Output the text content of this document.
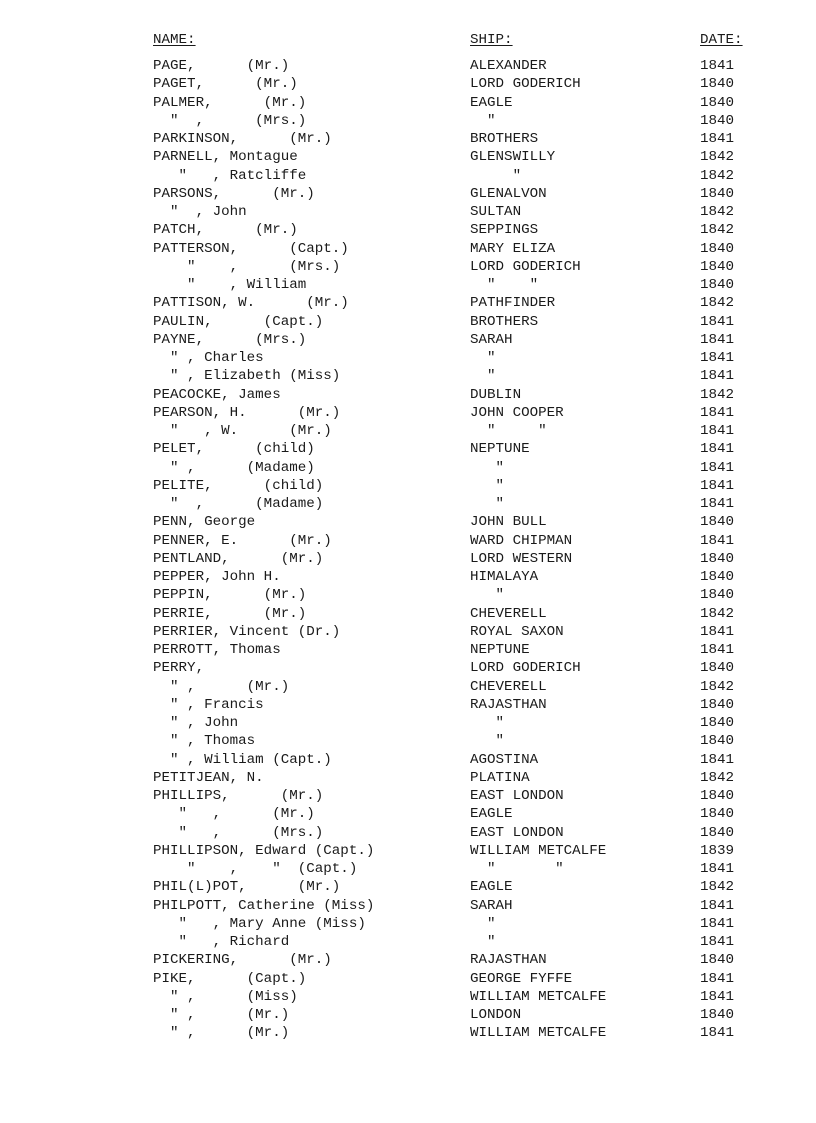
NAME:	SHIP:	DATE:
PAGE,      (Mr.)	ALEXANDER	1841
PAGET,      (Mr.)	LORD GODERICH	1840
PALMER,      (Mr.)	EAGLE	1840
"  ,      (Mrs.)	"	1840
PARKINSON,      (Mr.)	BROTHERS	1841
PARNELL, Montague	GLENSWILLY	1842
"   , Ratcliffe	"	1842
PARSONS,      (Mr.)	GLENALVON	1840
"  , John	SULTAN	1842
PATCH,      (Mr.)	SEPPINGS	1842
PATTERSON,      (Capt.)	MARY ELIZA	1840
"    ,      (Mrs.)	LORD GODERICH	1840
"    , William	"    "	1840
PATTISON, W.      (Mr.)	PATHFINDER	1842
PAULIN,      (Capt.)	BROTHERS	1841
PAYNE,      (Mrs.)	SARAH	1841
" , Charles	"	1841
" , Elizabeth (Miss)	"	1841
PEACOCKE, James	DUBLIN	1842
PEARSON, H.      (Mr.)	JOHN COOPER	1841
"   , W.      (Mr.)	"     "	1841
PELET,      (child)	NEPTUNE	1841
" ,      (Madame)	"	1841
PELITE,      (child)	"	1841
"  ,      (Madame)	"	1841
PENN, George	JOHN BULL	1840
PENNER, E.      (Mr.)	WARD CHIPMAN	1841
PENTLAND,      (Mr.)	LORD WESTERN	1840
PEPPER, John H.	HIMALAYA	1840
PEPPIN,      (Mr.)	"	1840
PERRIE,      (Mr.)	CHEVERELL	1842
PERRIER, Vincent (Dr.)	ROYAL SAXON	1841
PERROTT, Thomas	NEPTUNE	1841
PERRY,	LORD GODERICH	1840
" ,      (Mr.)	CHEVERELL	1842
" , Francis	RAJASTHAN	1840
" , John	"	1840
" , Thomas	"	1840
" , William (Capt.)	AGOSTINA	1841
PETITJEAN, N.	PLATINA	1842
PHILLIPS,      (Mr.)	EAST LONDON	1840
"   ,      (Mr.)	EAGLE	1840
"   ,      (Mrs.)	EAST LONDON	1840
PHILLIPSON, Edward (Capt.)	WILLIAM METCALFE	1839
"    ,    "  (Capt.)	"       "	1841
PHIL(L)POT,      (Mr.)	EAGLE	1842
PHILPOTT, Catherine (Miss)	SARAH	1841
"   , Mary Anne (Miss)	"	1841
"   , Richard	"	1841
PICKERING,      (Mr.)	RAJASTHAN	1840
PIKE,      (Capt.)	GEORGE FYFFE	1841
" ,      (Miss)	WILLIAM METCALFE	1841
" ,      (Mr.)	LONDON	1840
" ,      (Mr.)	WILLIAM METCALFE	1841
